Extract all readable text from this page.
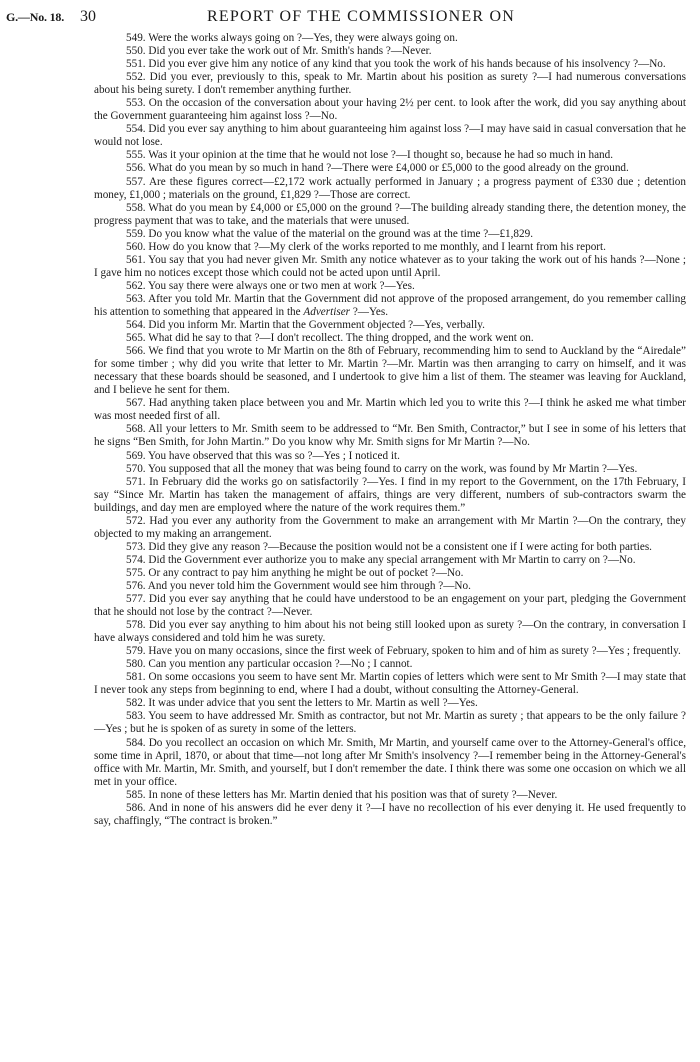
G.—No. 18. 30	REPORT OF THE COMMISSIONER ON

549. Were the works always going on ?—Yes, they were always going on.

550. Did you ever take the work out of Mr. Smith's hands ?—Never.

551. Did you ever give him any notice of any kind that you took the work of his hands because of his insolvency ?—No.

552. Did you ever, previously to this, speak to Mr. Martin about his position as surety ?—I had numerous conversations about his being surety. I don't remember anything further.

553. On the occasion of the conversation about your having 2½ per cent. to look after the work, did you say anything about the Government guaranteeing him against loss ?—No.

554. Did you ever say anything to him about guaranteeing him against loss ?—I may have said in casual conversation that he would not lose.

555. Was it your opinion at the time that he would not lose ?—I thought so, because he had so much in hand.

556. What do you mean by so much in hand ?—There were £4,000 or £5,000 to the good already on the ground.

557. Are these figures correct—£2,172 work actually performed in January ; a progress payment of £330 due ; detention money, £1,000 ; materials on the ground, £1,829 ?—Those are correct.

558. What do you mean by £4,000 or £5,000 on the ground ?—The building already standing there, the detention money, the progress payment that was to take, and the materials that were unused.

559. Do you know what the value of the material on the ground was at the time ?—£1,829.

560. How do you know that ?—My clerk of the works reported to me monthly, and I learnt from his report.

561. You say that you had never given Mr. Smith any notice whatever as to your taking the work out of his hands ?—None ; I gave him no notices except those which could not be acted upon until April.

562. You say there were always one or two men at work ?—Yes.

563. After you told Mr. Martin that the Government did not approve of the proposed arrangement, do you remember calling his attention to something that appeared in the Advertiser ?—Yes.

564. Did you inform Mr. Martin that the Government objected ?—Yes, verbally.

565. What did he say to that ?—I don't recollect. The thing dropped, and the work went on.

566. We find that you wrote to Mr Martin on the 8th of February, recommending him to send to Auckland by the “Airedale” for some timber ; why did you write that letter to Mr. Martin ?—Mr. Martin was then arranging to carry on himself, and it was necessary that these boards should be seasoned, and I undertook to give him a list of them. The steamer was leaving for Auckland, and I believe he sent for them.

567. Had anything taken place between you and Mr. Martin which led you to write this ?—I think he asked me what timber was most needed first of all.

568. All your letters to Mr. Smith seem to be addressed to “Mr. Ben Smith, Contractor,” but I see in some of his letters that he signs “Ben Smith, for John Martin.” Do you know why Mr. Smith signs for Mr Martin ?—No.

569. You have observed that this was so ?—Yes ; I noticed it.

570. You supposed that all the money that was being found to carry on the work, was found by Mr Martin ?—Yes.

571. In February did the works go on satisfactorily ?—Yes. I find in my report to the Government, on the 17th February, I say “Since Mr. Martin has taken the management of affairs, things are very different, numbers of sub-contractors swarm the buildings, and day men are employed where the nature of the work requires them.”

572. Had you ever any authority from the Government to make an arrangement with Mr Martin ?—On the contrary, they objected to my making an arrangement.

573. Did they give any reason ?—Because the position would not be a consistent one if I were acting for both parties.

574. Did the Government ever authorize you to make any special arrangement with Mr Martin to carry on ?—No.

575. Or any contract to pay him anything he might be out of pocket ?—No.

576. And you never told him the Government would see him through ?—No.

577. Did you ever say anything that he could have understood to be an engagement on your part, pledging the Government that he should not lose by the contract ?—Never.

578. Did you ever say anything to him about his not being still looked upon as surety ?—On the contrary, in conversation I have always considered and told him he was surety.

579. Have you on many occasions, since the first week of February, spoken to him and of him as surety ?—Yes ; frequently.

580. Can you mention any particular occasion ?—No ; I cannot.

581. On some occasions you seem to have sent Mr. Martin copies of letters which were sent to Mr Smith ?—I may state that I never took any steps from beginning to end, where I had a doubt, without consulting the Attorney-General.

582. It was under advice that you sent the letters to Mr. Martin as well ?—Yes.

583. You seem to have addressed Mr. Smith as contractor, but not Mr. Martin as surety ; that appears to be the only failure ?—Yes ; but he is spoken of as surety in some of the letters.

584. Do you recollect an occasion on which Mr. Smith, Mr Martin, and yourself came over to the Attorney-General's office, some time in April, 1870, or about that time—not long after Mr Smith's insolvency ?—I remember being in the Attorney-General's office with Mr. Martin, Mr. Smith, and yourself, but I don't remember the date. I think there was some one occasion on which we all met in your office.

585. In none of these letters has Mr. Martin denied that his position was that of surety ?—Never.

586. And in none of his answers did he ever deny it ?—I have no recollection of his ever denying it. He used frequently to say, chaffingly, “The contract is broken.”
